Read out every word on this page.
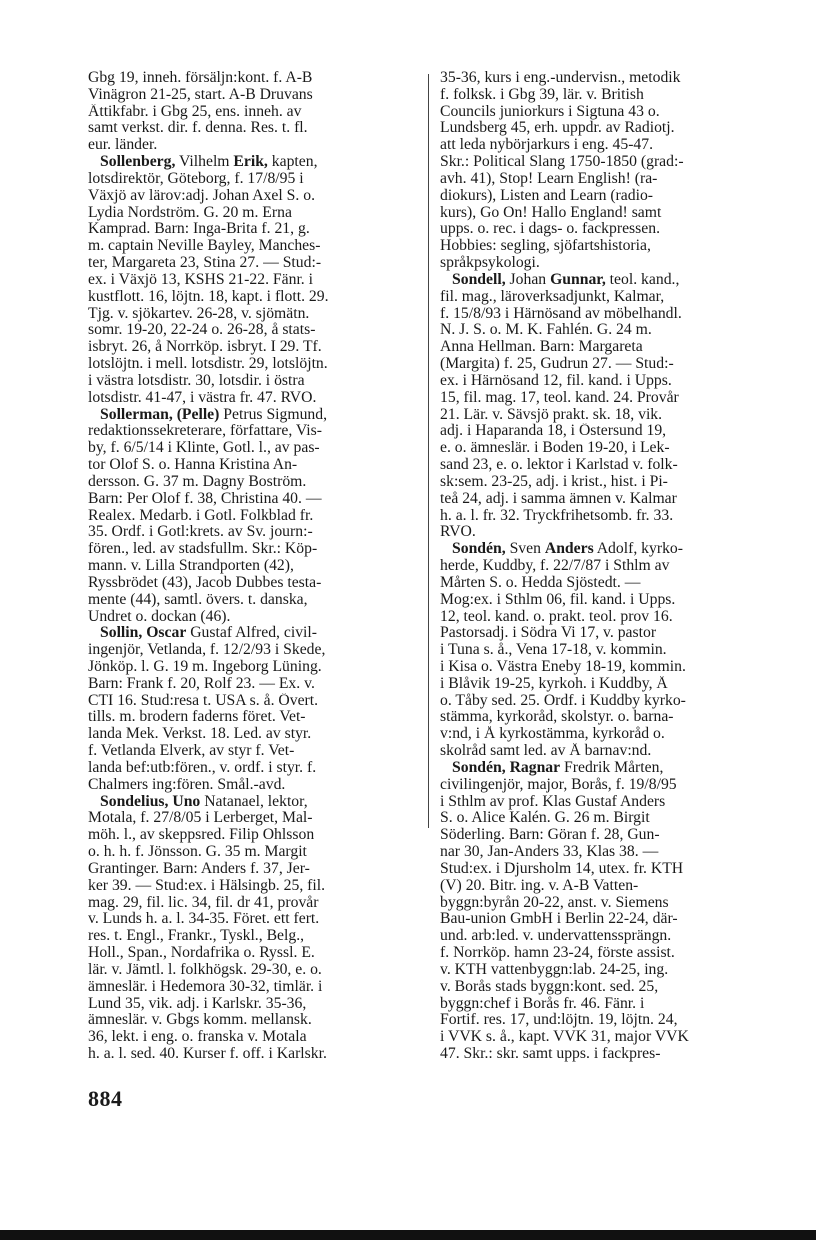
Gbg 19, inneh. försäljn:kont. f. A-B
Vinägron 21-25, start. A-B Druvans
Ättikfabr. i Gbg 25, ens. inneh. av
samt verkst. dir. f. denna. Res. t. fl.
eur. länder.
Sollenberg, Vilhelm Erik, kapten,
lotsdirektör, Göteborg, f. 17/8/95 i
Växjö av lärov:adj. Johan Axel S. o.
Lydia Nordström. G. 20 m. Erna
Kamprad. Barn: Inga-Brita f. 21, g.
m. captain Neville Bayley, Manches-
ter, Margareta 23, Stina 27. — Stud:-
ex. i Växjö 13, KSHS 21-22. Fänr. i
kustflott. 16, löjtn. 18, kapt. i flott. 29.
Tjg. v. sjökartev. 26-28, v. sjömätn.
somr. 19-20, 22-24 o. 26-28, å stats-
isbryt. 26, å Norrköp. isbryt. I 29. Tf.
lotslöjtn. i mell. lotsdistr. 29, lotslöjtn.
i västra lotsdistr. 30, lotsdir. i östra
lotsdistr. 41-47, i västra fr. 47. RVO.
Sollerman, (Pelle) Petrus Sigmund,
redaktionssekreterare, författare, Vis-
by, f. 6/5/14 i Klinte, Gotl. l., av pas-
tor Olof S. o. Hanna Kristina An-
dersson. G. 37 m. Dagny Boström.
Barn: Per Olof f. 38, Christina 40. —
Realex. Medarb. i Gotl. Folkblad fr.
35. Ordf. i Gotl:krets. av Sv. journ:-
fören., led. av stadsfullm. Skr.: Köp-
mann. v. Lilla Strandporten (42),
Ryssbrödet (43), Jacob Dubbes testa-
mente (44), samtl. övers. t. danska,
Undret o. dockan (46).
Sollin, Oscar Gustaf Alfred, civil-
ingenjör, Vetlanda, f. 12/2/93 i Skede,
Jönköp. l. G. 19 m. Ingeborg Lüning.
Barn: Frank f. 20, Rolf 23. — Ex. v.
CTI 16. Stud:resa t. USA s. å. Övert.
tills. m. brodern faderns föret. Vet-
landa Mek. Verkst. 18. Led. av styr.
f. Vetlanda Elverk, av styr f. Vet-
landa bef:utb:fören., v. ordf. i styr. f.
Chalmers ing:fören. Smål.-avd.
Sondelius, Uno Natanael, lektor,
Motala, f. 27/8/05 i Lerberget, Mal-
möh. l., av skeppsred. Filip Ohlsson
o. h. h. f. Jönsson. G. 35 m. Margit
Grantinger. Barn: Anders f. 37, Jer-
ker 39. — Stud:ex. i Hälsingb. 25, fil.
mag. 29, fil. lic. 34, fil. dr 41, provår
v. Lunds h. a. l. 34-35. Föret. ett fert.
res. t. Engl., Frankr., Tyskl., Belg.,
Holl., Span., Nordafrika o. Ryssl. E.
lär. v. Jämtl. l. folkhögsk. 29-30, e. o.
ämneslär. i Hedemora 30-32, timlär. i
Lund 35, vik. adj. i Karlskr. 35-36,
ämneslär. v. Gbgs komm. mellansk.
36, lekt. i eng. o. franska v. Motala
h. a. l. sed. 40. Kurser f. off. i Karlskr.
35-36, kurs i eng.-undervisn., metodik
f. folksk. i Gbg 39, lär. v. British
Councils juniorkurs i Sigtuna 43 o.
Lundsberg 45, erh. uppdr. av Radiotj.
att leda nybörjarkurs i eng. 45-47.
Skr.: Political Slang 1750-1850 (grad:-
avh. 41), Stop! Learn English! (ra-
diokurs), Listen and Learn (radio-
kurs), Go On! Hallo England! samt
upps. o. rec. i dags- o. fackpressen.
Hobbies: segling, sjöfartshistoria,
språkpsykologi.
Sondell, Johan Gunnar, teol. kand.,
fil. mag., läroverksadjunkt, Kalmar,
f. 15/8/93 i Härnösand av möbelhandl.
N. J. S. o. M. K. Fahlén. G. 24 m.
Anna Hellman. Barn: Margareta
(Margita) f. 25, Gudrun 27. — Stud:-
ex. i Härnösand 12, fil. kand. i Upps.
15, fil. mag. 17, teol. kand. 24. Provår
21. Lär. v. Sävsjö prakt. sk. 18, vik.
adj. i Haparanda 18, i Östersund 19,
e. o. ämneslär. i Boden 19-20, i Lek-
sand 23, e. o. lektor i Karlstad v. folk-
sk:sem. 23-25, adj. i krist., hist. i Pi-
teå 24, adj. i samma ämnen v. Kalmar
h. a. l. fr. 32. Tryckfrihetsomb. fr. 33.
RVO.
Sondén, Sven Anders Adolf, kyrko-
herde, Kuddby, f. 22/7/87 i Sthlm av
Mårten S. o. Hedda Sjöstedt. —
Mog:ex. i Sthlm 06, fil. kand. i Upps.
12, teol. kand. o. prakt. teol. prov 16.
Pastorsadj. i Södra Vi 17, v. pastor
i Tuna s. å., Vena 17-18, v. kommin.
i Kisa o. Västra Eneby 18-19, kommin.
i Blåvik 19-25, kyrkoh. i Kuddby, Å
o. Tåby sed. 25. Ordf. i Kuddby kyrko-
stämma, kyrkoråd, skolstyr. o. barna-
v:nd, i Å kyrkostämma, kyrkoråd o.
skolråd samt led. av Å barnav:nd.
Sondén, Ragnar Fredrik Mårten,
civilingenjör, major, Borås, f. 19/8/95
i Sthlm av prof. Klas Gustaf Anders
S. o. Alice Kalén. G. 26 m. Birgit
Söderling. Barn: Göran f. 28, Gun-
nar 30, Jan-Anders 33, Klas 38. —
Stud:ex. i Djursholm 14, utex. fr. KTH
(V) 20. Bitr. ing. v. A-B Vatten-
byggn:byrån 20-22, anst. v. Siemens
Bau-union GmbH i Berlin 22-24, där-
und. arb:led. v. undervattenssprängn.
f. Norrköp. hamn 23-24, förste assist.
v. KTH vattenbyggn:lab. 24-25, ing.
v. Borås stads byggn:kont. sed. 25,
byggn:chef i Borås fr. 46. Fänr. i
Fortif. res. 17, und:löjtn. 19, löjtn. 24,
i VVK s. å., kapt. VVK 31, major VVK
47. Skr.: skr. samt upps. i fackpres-
884
